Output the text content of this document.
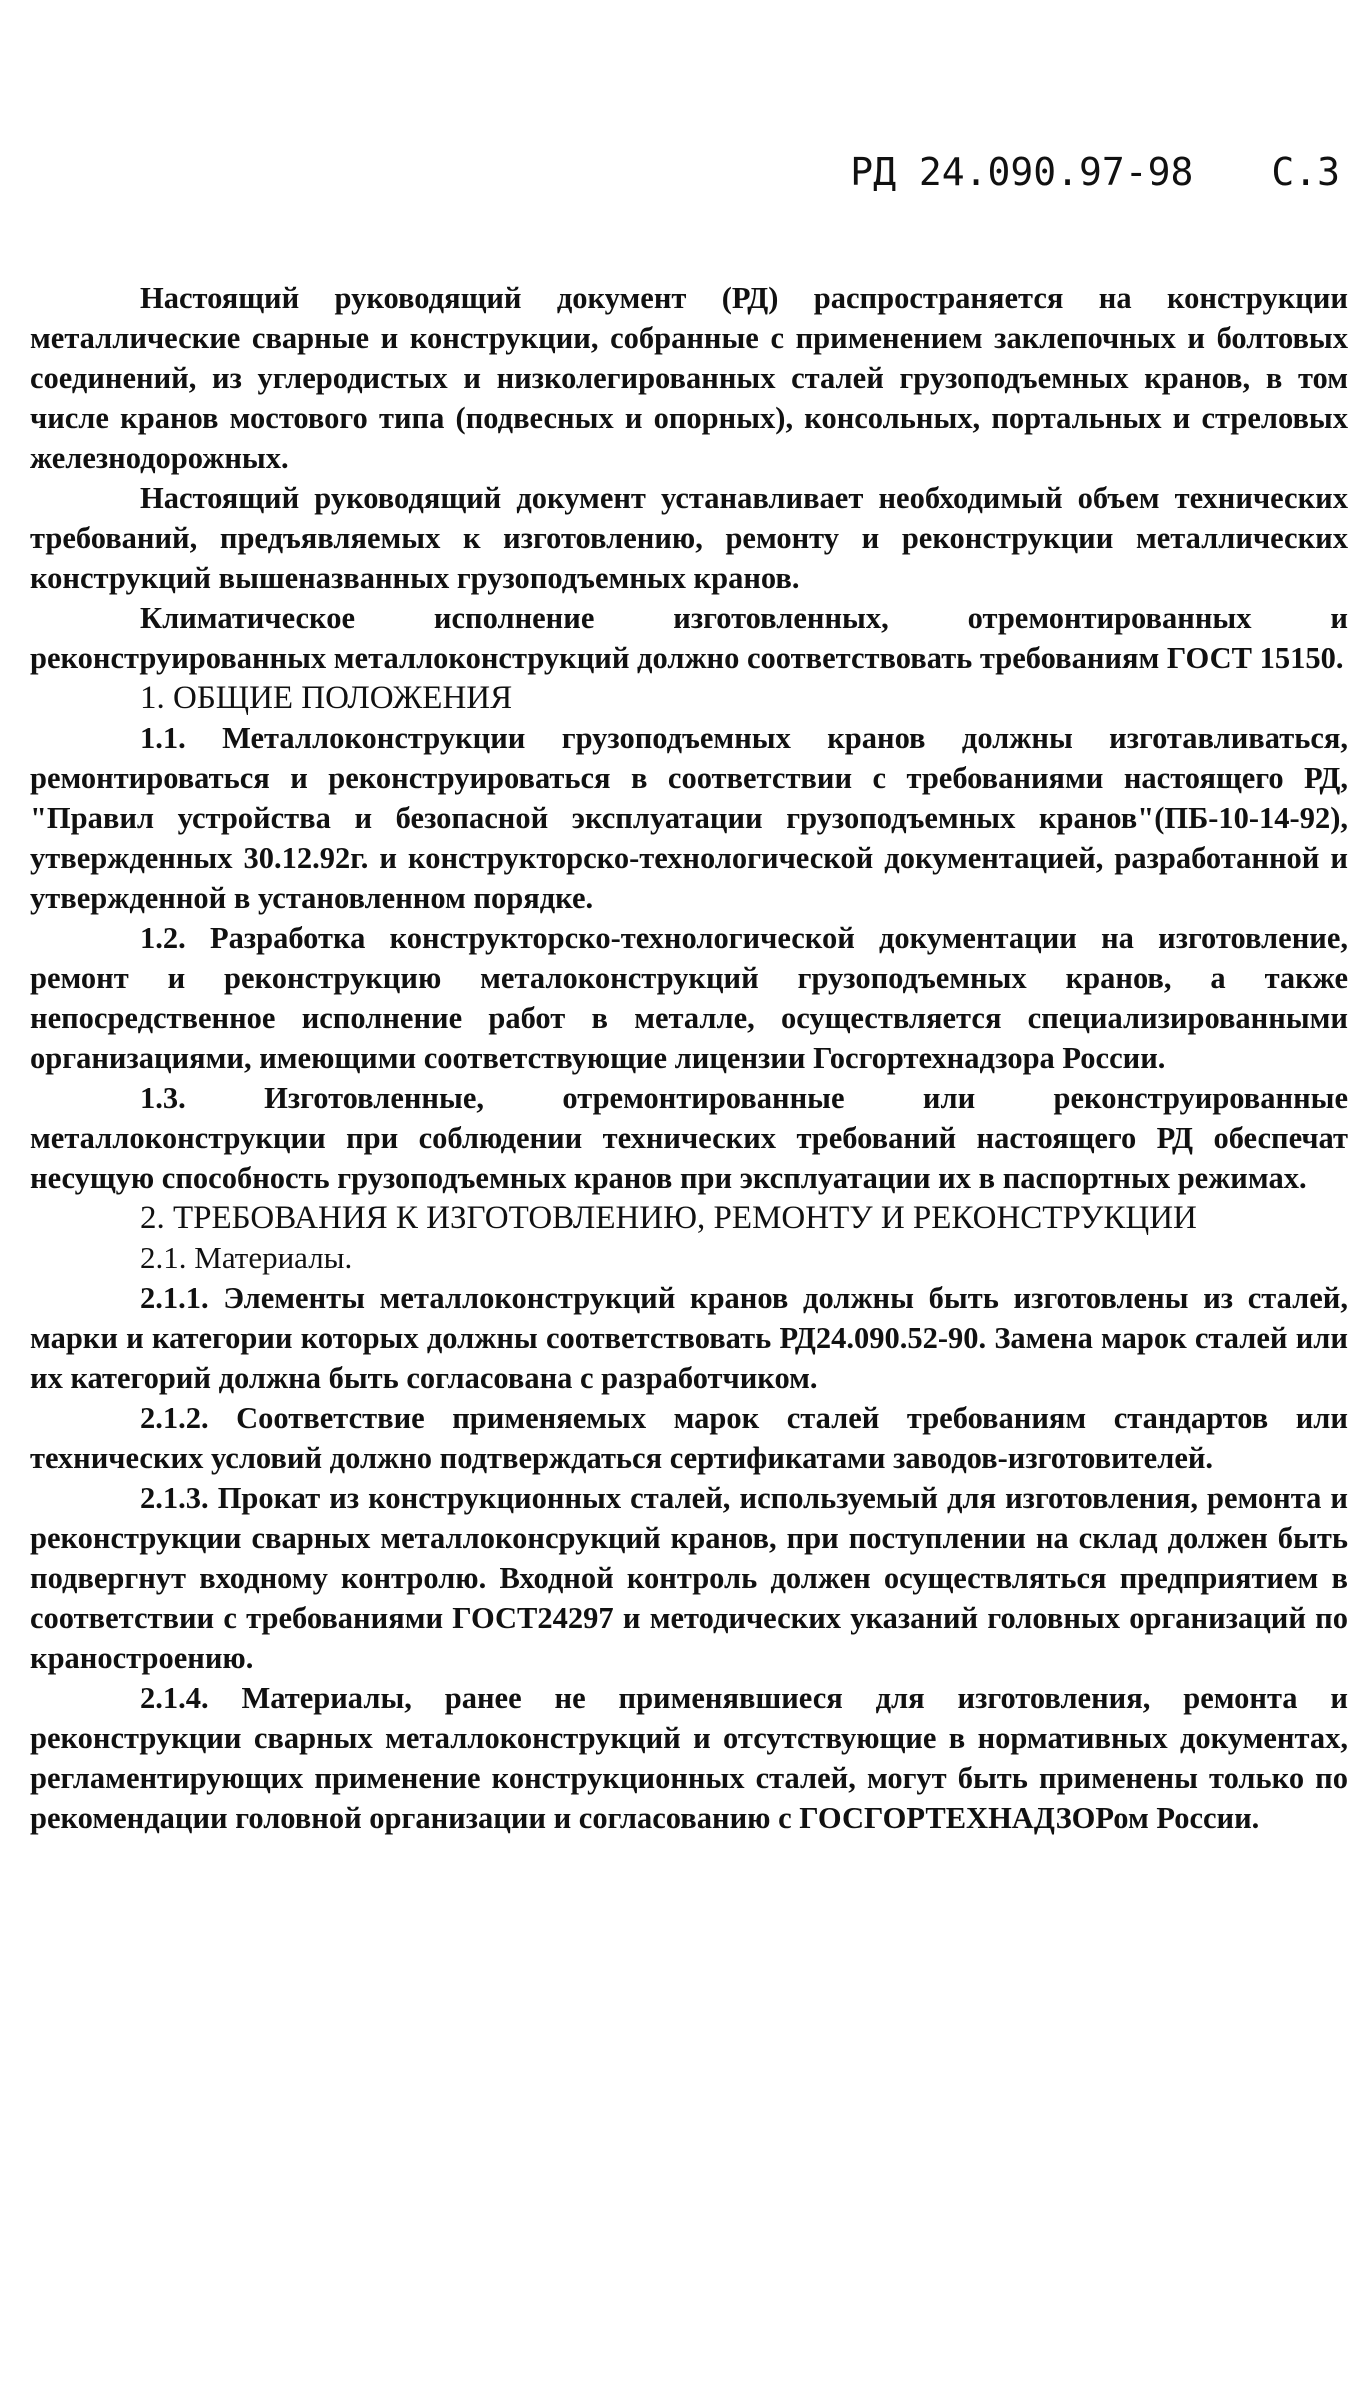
РД 24.090.97-98 С.3

Настоящий руководящий документ (РД) распространяется на конструкции металлические сварные и конструкции, собранные с применением заклепочных и болтовых соединений, из углеродистых и низколегированных сталей грузоподъемных кранов, в том числе кранов мостового типа (подвесных и опорных), консольных, портальных и стреловых железнодорожных.

Настоящий руководящий документ устанавливает необходимый объем технических требований, предъявляемых к изготовлению, ремонту и реконструкции металлических конструкций вышеназванных грузоподъемных кранов.

Климатическое исполнение изготовленных, отремонтированных и реконструированных металлоконструкций должно соответствовать требованиям ГОСТ 15150.

1. ОБЩИЕ ПОЛОЖЕНИЯ

1.1. Металлоконструкции грузоподъемных кранов должны изготавливаться, ремонтироваться и реконструироваться в соответствии с требованиями настоящего РД, "Правил устройства и безопасной эксплуатации грузоподъемных кранов"(ПБ-10-14-92), утвержденных 30.12.92г. и конструкторско-технологической документацией, разработанной и утвержденной в установленном порядке.

1.2. Разработка конструкторско-технологической документации на изготовление, ремонт и реконструкцию металоконструкций грузоподъемных кранов, а также непосредственное исполнение работ в металле, осуществляется специализированными организациями, имеющими соответствующие лицензии Госгортехнадзора России.

1.3. Изготовленные, отремонтированные или реконструированные металлоконструкции при соблюдении технических требований настоящего РД обеспечат несущую способность грузоподъемных кранов при эксплуатации их в паспортных режимах.

2. ТРЕБОВАНИЯ К ИЗГОТОВЛЕНИЮ, РЕМОНТУ И РЕКОНСТРУКЦИИ

2.1. Материалы.

2.1.1. Элементы металлоконструкций кранов должны быть изготовлены из сталей, марки и категории которых должны соответствовать РД24.090.52-90. Замена марок сталей или их категорий должна быть согласована с разработчиком.

2.1.2. Соответствие применяемых марок сталей требованиям стандартов или технических условий должно подтверждаться сертификатами заводов-изготовителей.

2.1.3. Прокат из конструкционных сталей, используемый для изготовления, ремонта и реконструкции сварных металлоконсрукций кранов, при поступлении на склад должен быть подвергнут входному контролю. Входной контроль должен осуществляться предприятием в соответствии с требованиями ГОСТ24297 и методических указаний головных организаций по краностроению.

2.1.4. Материалы, ранее не применявшиеся для изготовления, ремонта и реконструкции сварных металлоконструкций и отсутствующие в нормативных документах, регламентирующих применение конструкционных сталей, могут быть применены только по рекомендации головной организации и согласованию с ГОСГОРТЕХНАДЗОРом России.
